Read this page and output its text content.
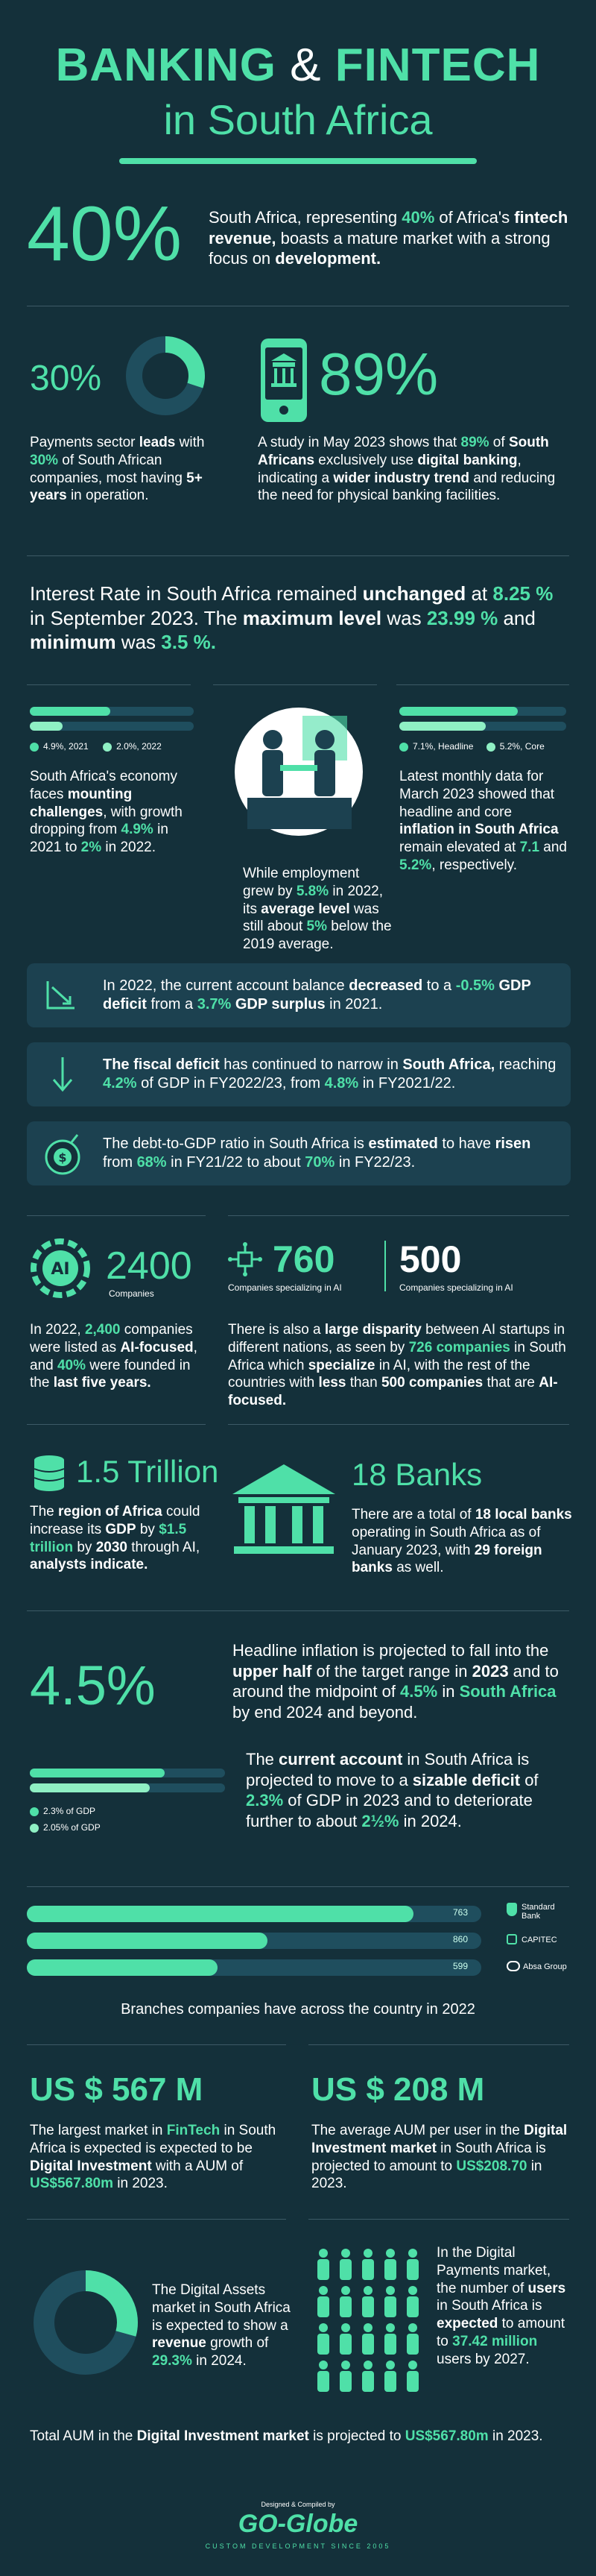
BANKING & FINTECH
in South Africa
40% South Africa, representing 40% of Africa's fintech revenue, boasts a mature market with a strong focus on development.
30%
Payments sector leads with 30% of South African companies, most having 5+ years in operation.
89%
A study in May 2023 shows that 89% of South Africans exclusively use digital banking, indicating a wider industry trend and reducing the need for physical banking facilities.
Interest Rate in South Africa remained unchanged at 8.25 % in September 2023. The maximum level was 23.99 % and minimum was 3.5 %.
4.9%, 2021	2.0%, 2022
South Africa's economy faces mounting challenges, with growth dropping from 4.9% in 2021 to 2% in 2022.
While employment grew by 5.8% in 2022, its average level was still about 5% below the 2019 average.
7.1%, Headline	5.2%, Core
Latest monthly data for March 2023 showed that headline and core inflation in South Africa remain elevated at 7.1 and 5.2%, respectively.
In 2022, the current account balance decreased to a -0.5% GDP deficit from a 3.7% GDP surplus in 2021.
The fiscal deficit has continued to narrow in South Africa, reaching 4.2% of GDP in FY2022/23, from 4.8% in FY2021/22.
$
The debt-to-GDP ratio in South Africa is estimated to have risen from 68% in FY21/22 to about 70% in FY22/23.
AI 2400
Companies
In 2022, 2,400 companies were listed as AI-focused, and 40% were founded in the last five years.
760
Companies specializing in AI
500
Companies specializing in AI
There is also a large disparity between AI startups in different nations, as seen by 726 companies in South Africa which specialize in AI, with the rest of the countries with less than 500 companies that are AI-focused.
1.5 Trillion
The region of Africa could increase its GDP by $1.5 trillion by 2030 through AI, analysts indicate.
18 Banks
There are a total of 18 local banks operating in South Africa as of January 2023, with 29 foreign banks as well.
4.5%
Headline inflation is projected to fall into the upper half of the target range in 2023 and to around the midpoint of 4.5% in South Africa by end 2024 and beyond.
2.3% of GDP
2.05% of GDP
The current account in South Africa is projected to move to a sizable deficit of 2.3% of GDP in 2023 and to deteriorate further to about 2½% in 2024.
763
860
599
Standard Bank
CAPITEC
Absa Group
Branches companies have across the country in 2022
US $ 567 M
The largest market in FinTech in South Africa is expected is expected to be Digital Investment with a AUM of US$567.80m in 2023.
US $ 208 M
The average AUM per user in the Digital Investment market in South Africa is projected to amount to US$208.70 in 2023.
The Digital Assets market in South Africa is expected to show a revenue growth of 29.3% in 2024.
In the Digital Payments market, the number of users in South Africa is expected to amount to 37.42 million users by 2027.
Total AUM in the Digital Investment market is projected to US$567.80m in 2023.
Designed & Compiled by
GO-Globe
CUSTOM DEVELOPMENT SINCE 2005
